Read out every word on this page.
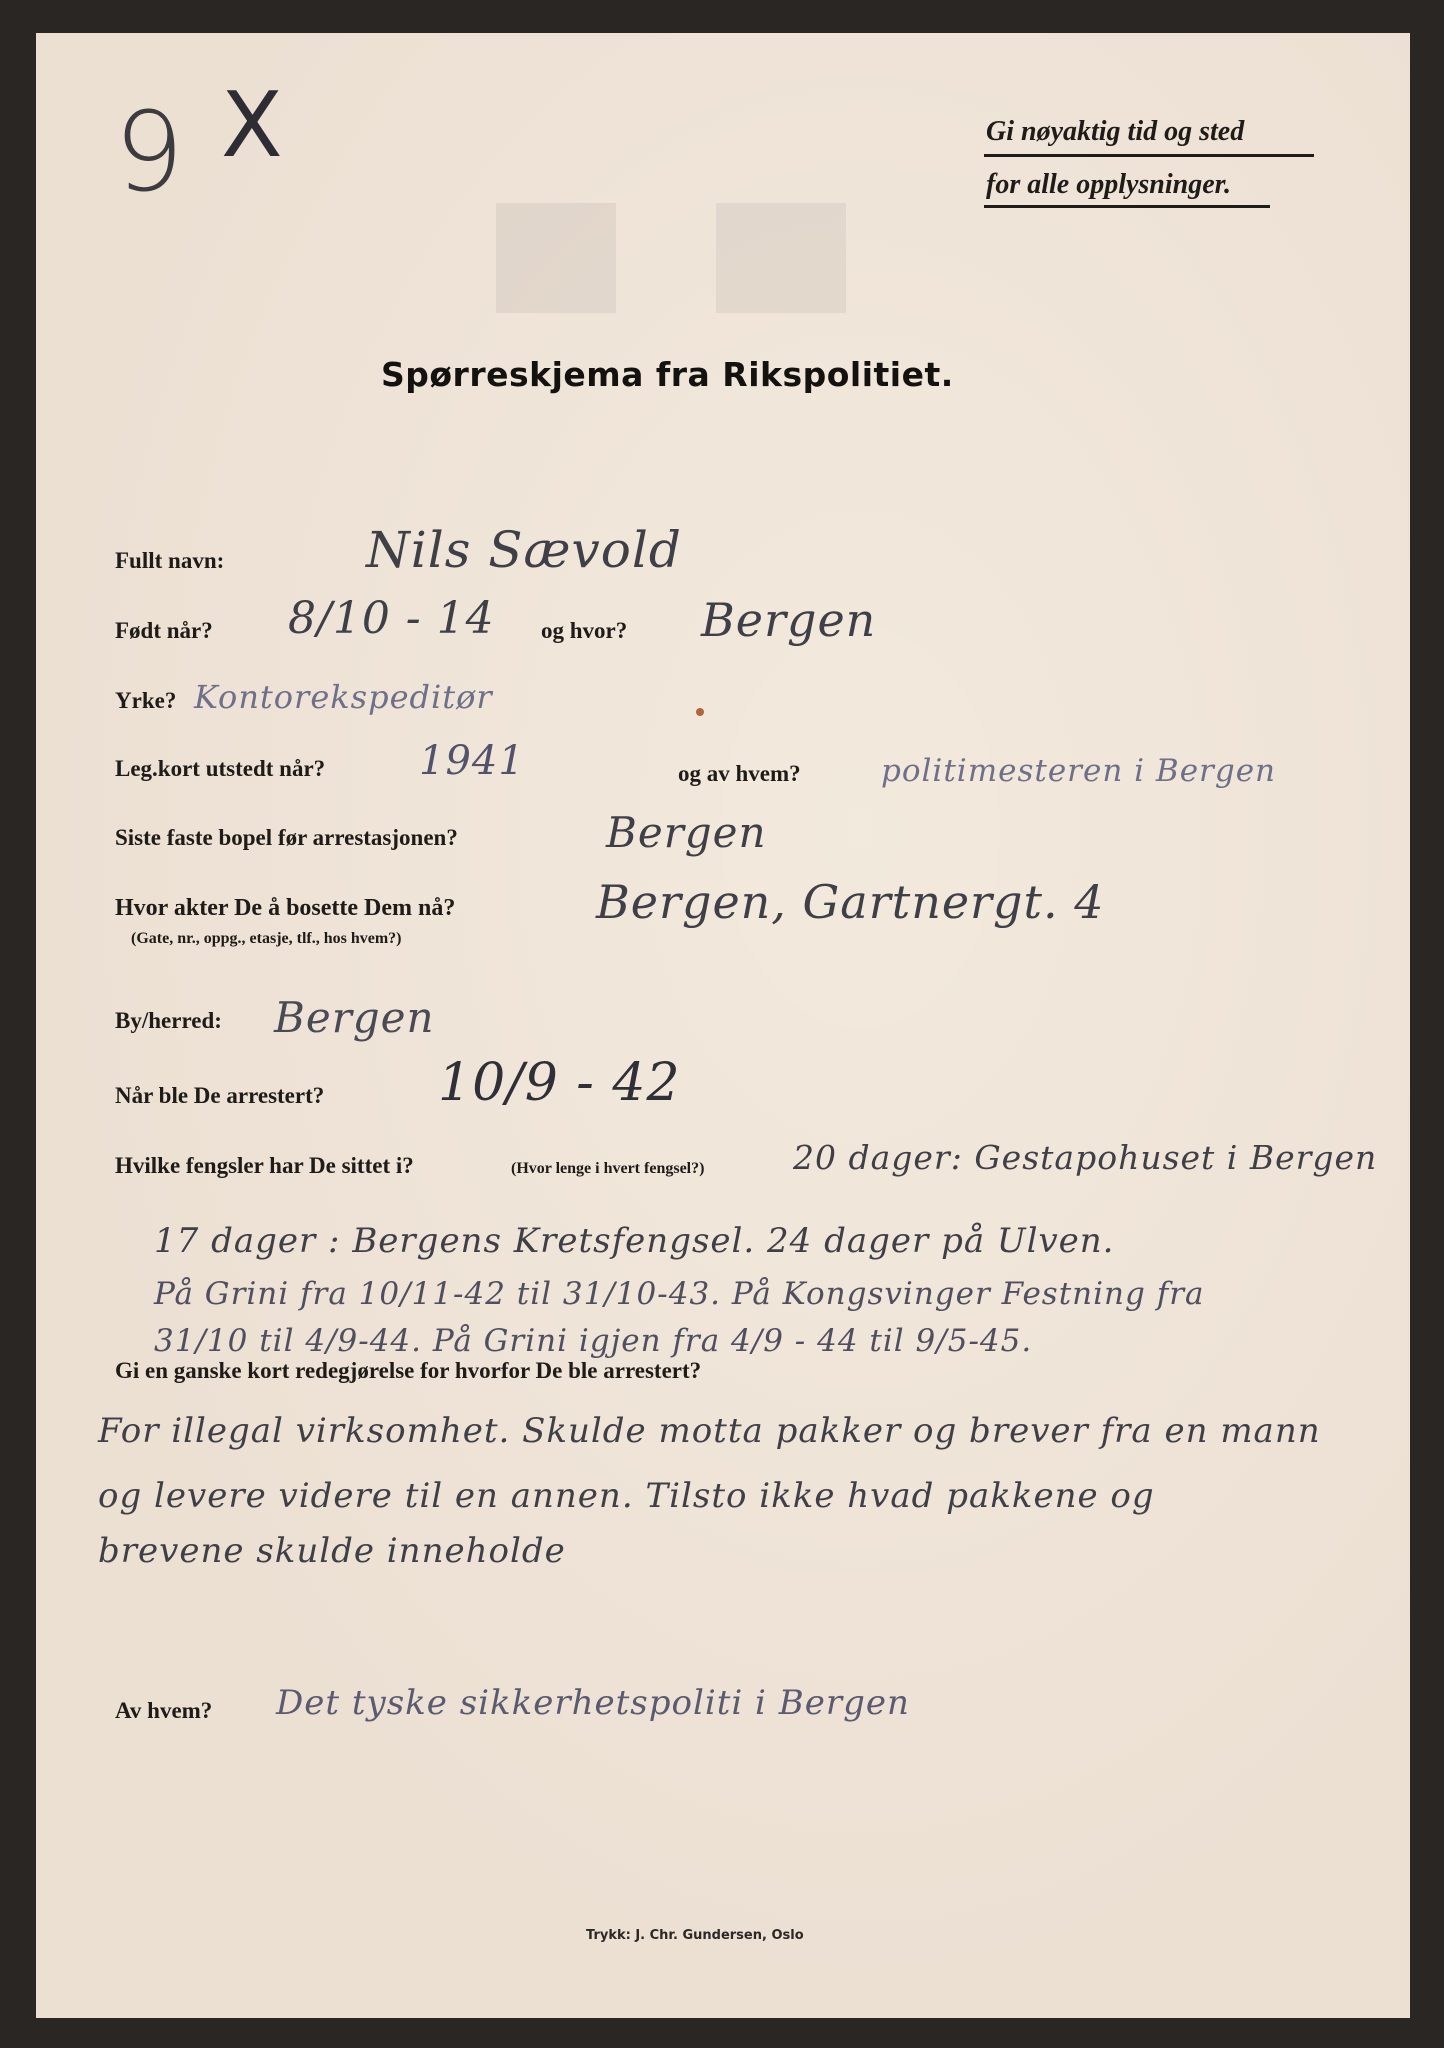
9 X	Gi nøyaktig tid og sted
for alle opplysninger.
Spørreskjema fra Rikspolitiet.
Fullt navn:	Nils Sævold
Født når? 8/10 - 14 og hvor? Bergen
Yrke? Kontorekspeditør
Leg.kort utstedt når? 1941	og av hvem?	politimesteren i Bergen
Siste faste bopel før arrestasjonen?	Bergen
Hvor akter De å bosette Dem nå?
(Gate, nr., oppg., etasje, tlf., hos hvem?)
Bergen, Gartnergt. 4
By/herred: Bergen
Når ble De arrestert? 10/9 - 42
Hvilke fengsler har De sittet i?	(Hvor lenge i hvert fengsel?)	20 dager: Gestapohuset i Bergen
17 dager : Bergens Kretsfengsel. 24 dager på Ulven.
På Grini fra 10/11-42 til 31/10-43. På Kongsvinger Festning fra
31/10 til 4/9-44. På Grini igjen fra 4/9 - 44 til 9/5-45.
Gi en ganske kort redegjørelse for hvorfor De ble arrestert?
For illegal virksomhet. Skulde motta pakker og brever fra en mann
og levere videre til en annen. Tilsto ikke hvad pakkene og
brevene skulde inneholde
Av hvem? Det tyske sikkerhetspoliti i Bergen
Trykk: J. Chr. Gundersen, Oslo
